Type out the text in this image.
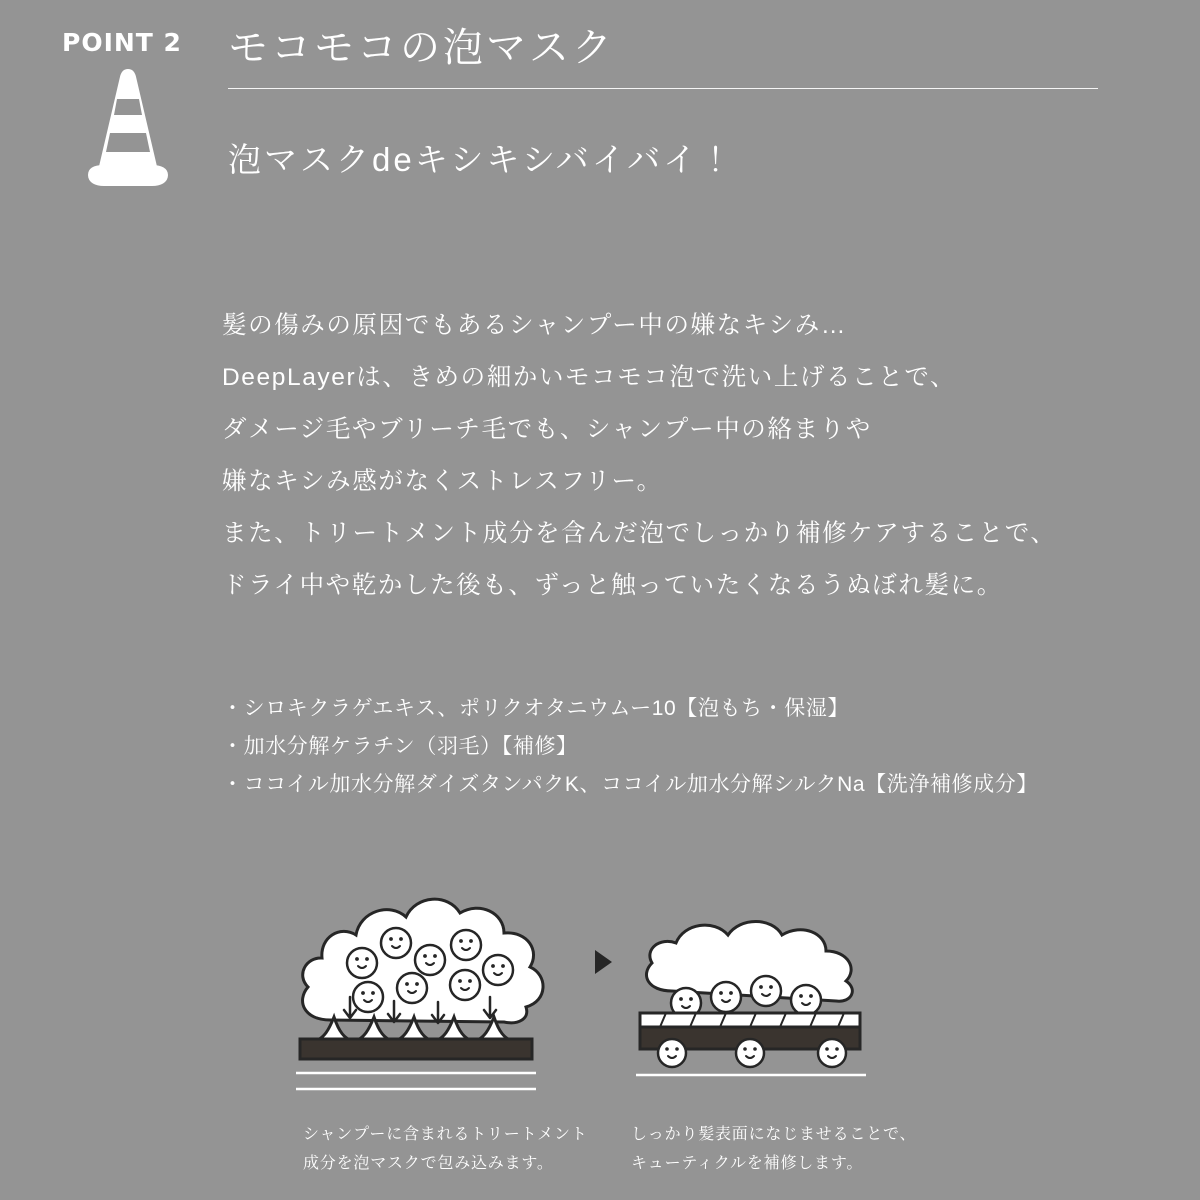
POINT 2	モコモコの泡マスク
泡マスクdeキシキシバイバイ！

髪の傷みの原因でもあるシャンプー中の嫌なキシみ…

DeepLayerは、きめの細かいモコモコ泡で洗い上げることで、

ダメージ毛やブリーチ毛でも、シャンプー中の絡まりや

嫌なキシみ感がなくストレスフリー。

また、トリートメント成分を含んだ泡でしっかり補修ケアすることで、

ドライ中や乾かした後も、ずっと触っていたくなるうぬぼれ髪に。

・シロキクラゲエキス、ポリクオタニウムー10【泡もち・保湿】
・加水分解ケラチン（羽毛）【補修】
・ココイル加水分解ダイズタンパクK、ココイル加水分解シルクNa【洗浄補修成分】
シャンプーに含まれるトリートメント
成分を泡マスクで包み込みます。
しっかり髪表面になじませることで、
キューティクルを補修します。
